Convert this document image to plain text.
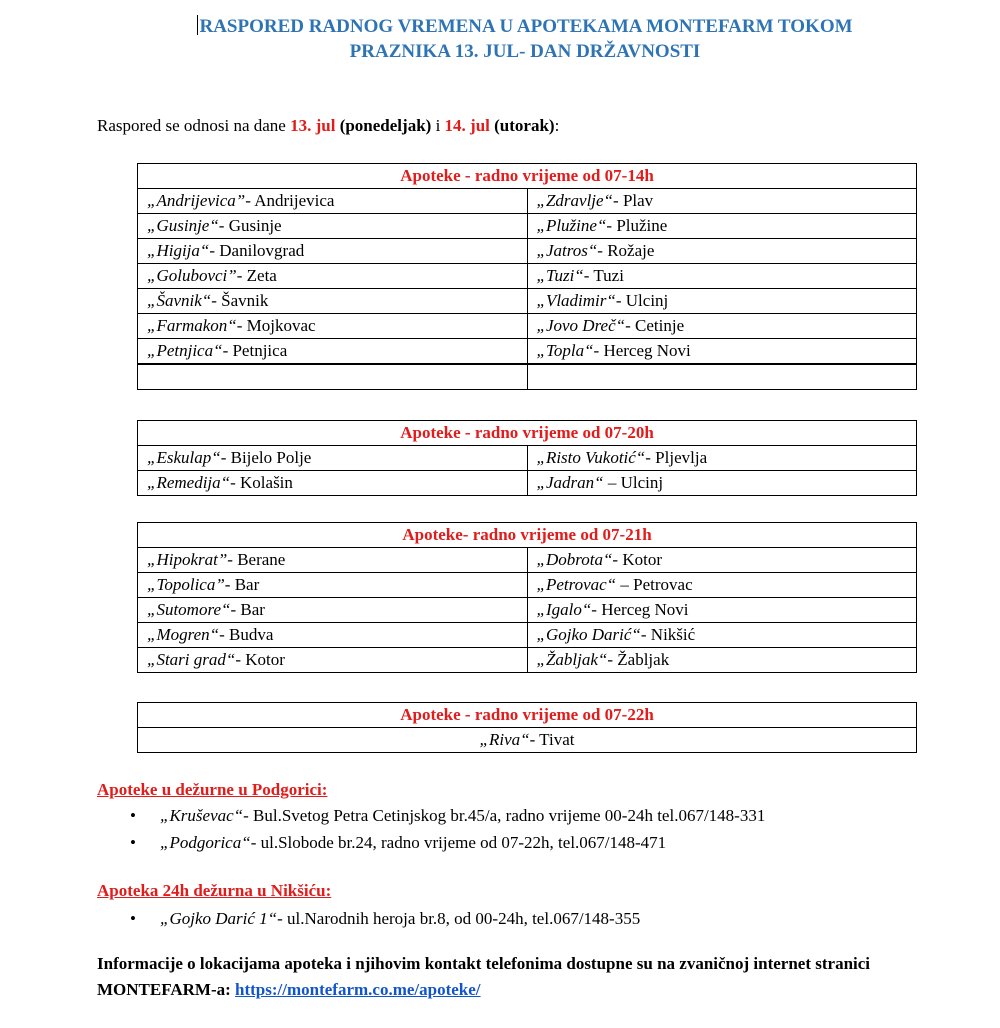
RASPORED RADNOG VREMENA U APOTEKAMA MONTEFARM TOKOM
PRAZNIKA 13. JUL- DAN DRŽAVNOSTI
Raspored se odnosi na dane 13. jul (ponedeljak) i 14. jul (utorak):
Apoteke - radno vrijeme od 07-14h	
„Andrijevica”- Andrijevica	„Zdravlje“- Plav
„Gusinje“- Gusinje	„Plužine“- Plužine
„Higija“- Danilovgrad	„Jatros“- Rožaje
„Golubovci”- Zeta	„Tuzi“- Tuzi
„Šavnik“- Šavnik	„Vladimir“- Ulcinj
„Farmakon“- Mojkovac	„Jovo Dreč“- Cetinje
„Petnjica“- Petnjica	„Topla“- Herceg Novi

Apoteke - radno vrijeme od 07-20h	
„Eskulap“- Bijelo Polje	„Risto Vukotić“- Pljevlja
„Remedija“- Kolašin	„Jadran“ – Ulcinj
Apoteke- radno vrijeme od 07-21h	
„Hipokrat”- Berane	„Dobrota“- Kotor
„Topolica”- Bar	„Petrovac“ – Petrovac
„Sutomore“- Bar	„Igalo“- Herceg Novi
„Mogren“- Budva	„Gojko Darić“- Nikšić
„Stari grad“- Kotor	„Žabljak“- Žabljak
Apoteke - radno vrijeme od 07-22h
„Riva“- Tivat
Apoteke u dežurne u Podgorici:
• „Kruševac“- Bul.Svetog Petra Cetinjskog br.45/a, radno vrijeme 00-24h tel.067/148-331
• „Podgorica“- ul.Slobode br.24, radno vrijeme od 07-22h, tel.067/148-471
Apoteka 24h dežurna u Nikšiću:
• „Gojko Darić 1“- ul.Narodnih heroja br.8, od 00-24h, tel.067/148-355
Informacije o lokacijama apoteka i njihovim kontakt telefonima dostupne su na zvaničnoj internet stranici MONTEFARM-a: https://montefarm.co.me/apoteke/
